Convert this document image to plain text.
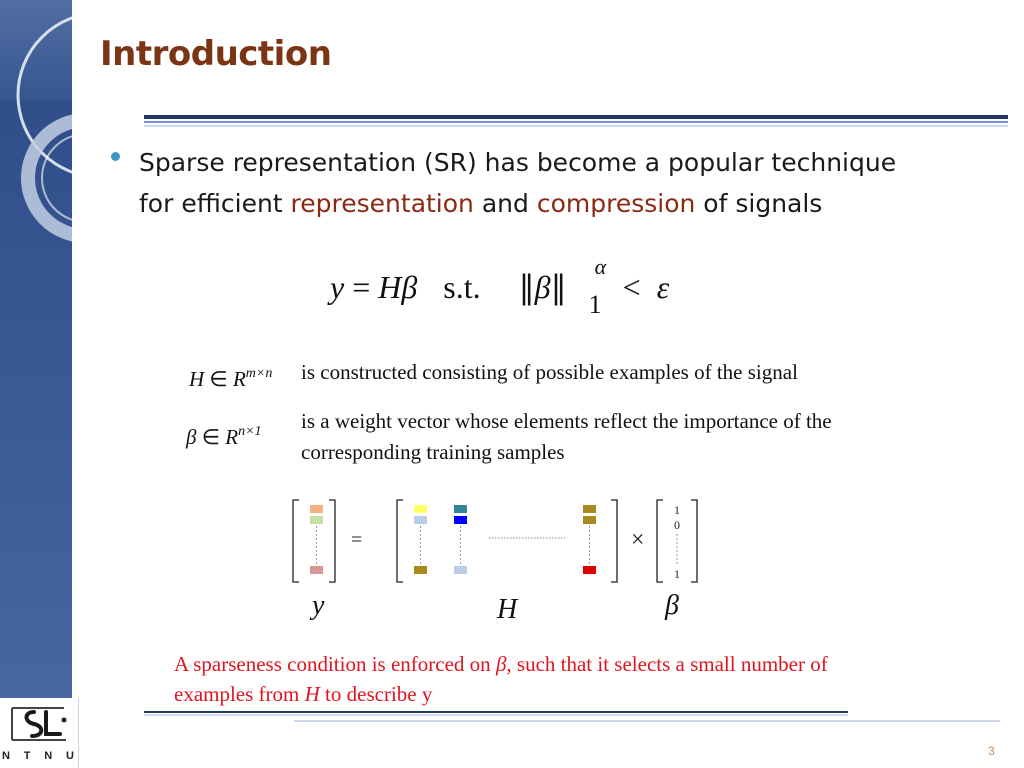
N T N U
Introduction
Sparse representation (SR) has become a popular technique
for efficient representation and compression of signals
y = Hβ s.t. ‖β‖
α
1 < ε
H ∈ $R^{m\times n}$ is constructed consisting of possible examples of the signal
β ∈ $R^{n\times 1}$ is a weight vector whose elements reflect the importance of the
corresponding training samples
=	×
1
0
1
y	H	β
A sparseness condition is enforced on β, such that it selects a small number of
examples from H to describe y
3
